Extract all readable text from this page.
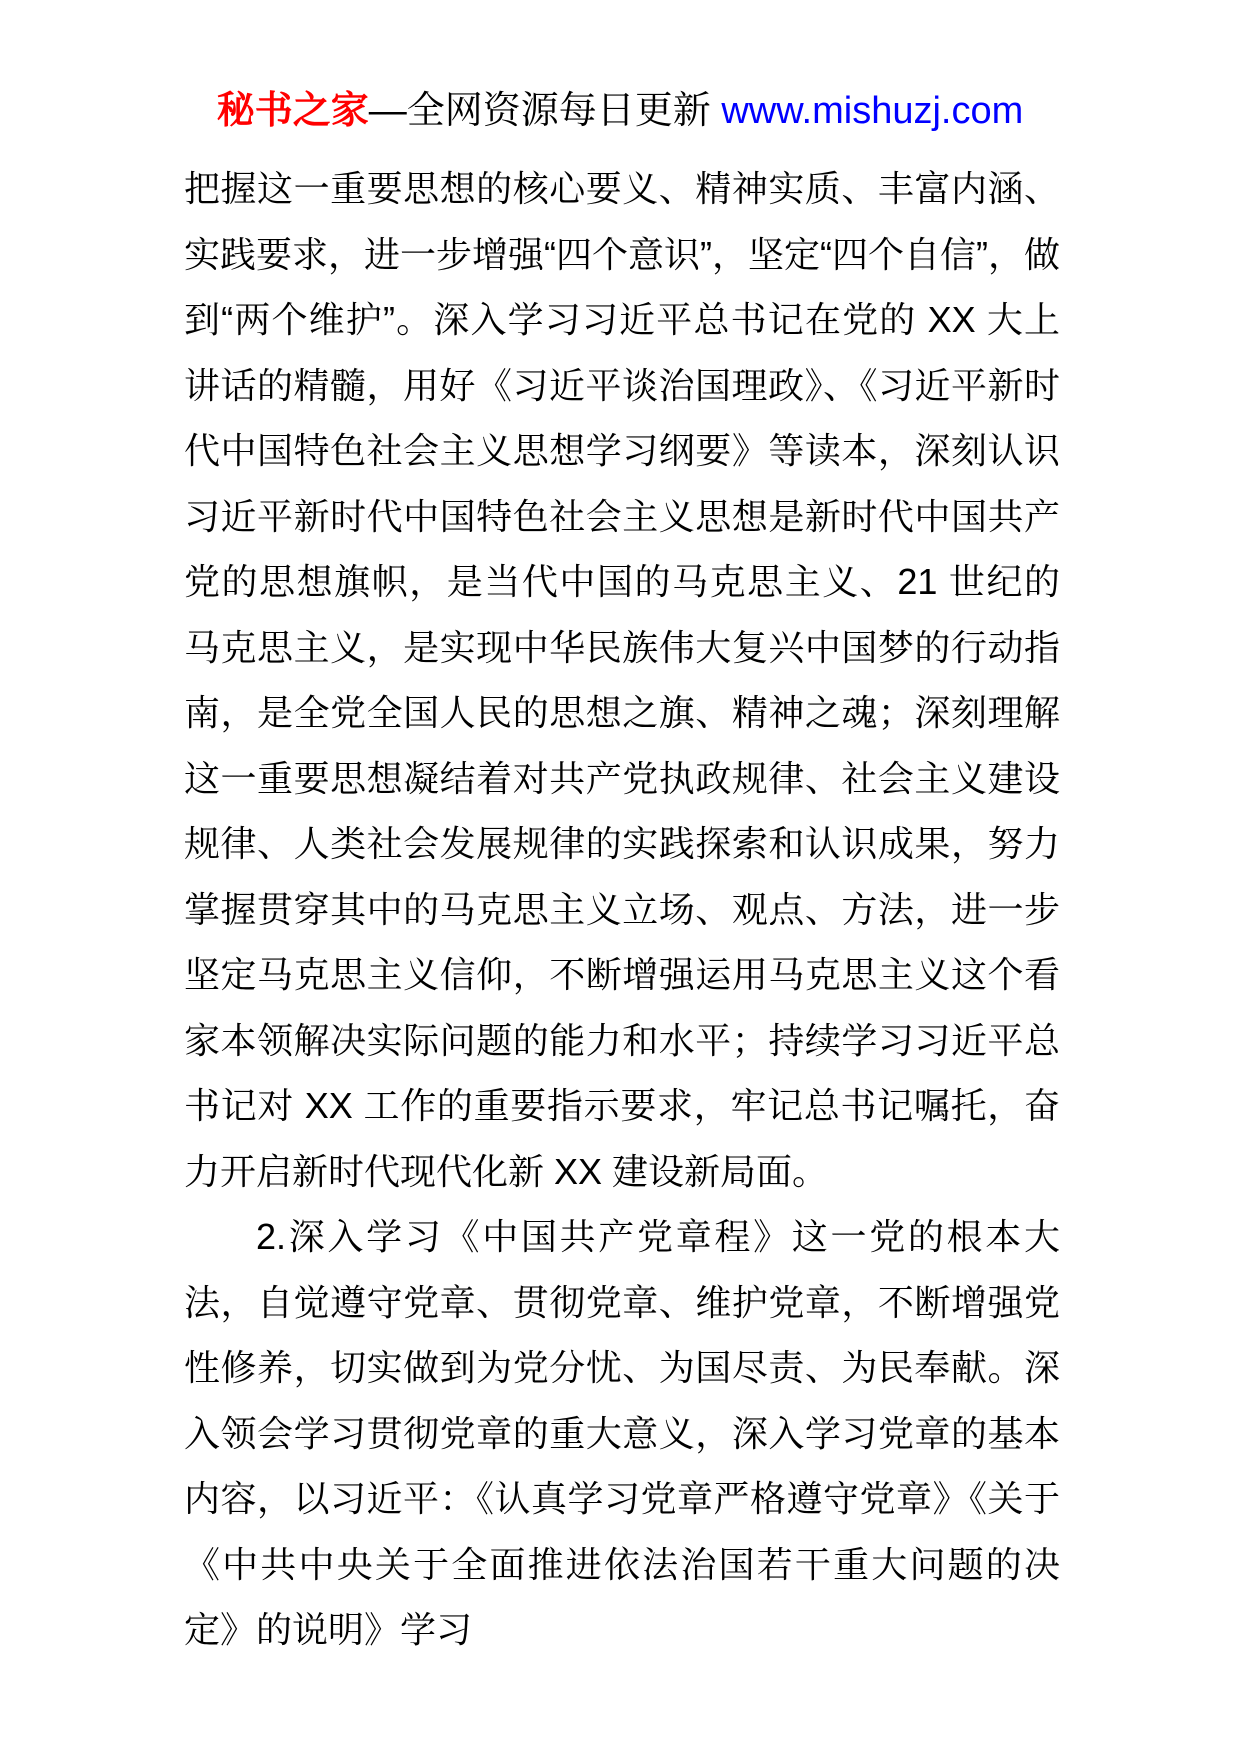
秘书之家—全网资源每日更新 www.mishuzj.com

把握这一重要思想的核心要义、精神实质、丰富内涵、实践要求，进一步增强“四个意识”，坚定“四个自信”，做到“两个维护”。深入学习习近平总书记在党的 XX 大上讲话的精髓，用好《习近平谈治国理政》、《习近平新时代中国特色社会主义思想学习纲要》等读本，深刻认识习近平新时代中国特色社会主义思想是新时代中国共产党的思想旗帜，是当代中国的马克思主义、21 世纪的马克思主义，是实现中华民族伟大复兴中国梦的行动指南，是全党全国人民的思想之旗、精神之魂；深刻理解这一重要思想凝结着对共产党执政规律、社会主义建设规律、人类社会发展规律的实践探索和认识成果，努力掌握贯穿其中的马克思主义立场、观点、方法，进一步坚定马克思主义信仰，不断增强运用马克思主义这个看家本领解决实际问题的能力和水平；持续学习习近平总书记对 XX 工作的重要指示要求，牢记总书记嘱托，奋力开启新时代现代化新 XX 建设新局面。

2.深入学习《中国共产党章程》这一党的根本大法，自觉遵守党章、贯彻党章、维护党章，不断增强党性修养，切实做到为党分忧、为国尽责、为民奉献。深入领会学习贯彻党章的重大意义，深入学习党章的基本内容，以习近平：《认真学习党章严格遵守党章》《关于《中共中央关于全面推进依法治国若干重大问题的决定》的说明》学习
